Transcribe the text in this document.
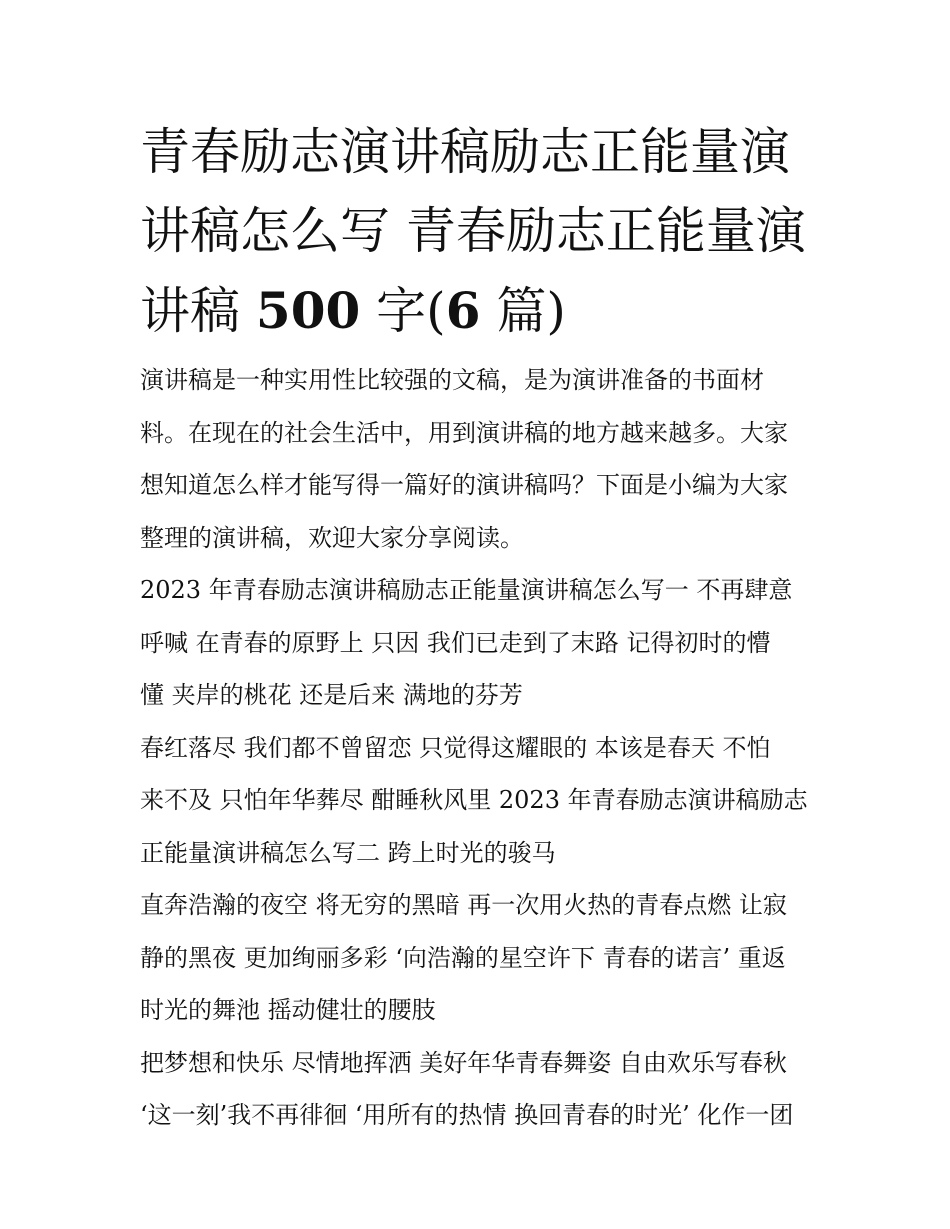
青春励志演讲稿励志正能量演
讲稿怎么写 青春励志正能量演
讲稿 500 字(6 篇)
演讲稿是一种实用性比较强的文稿，是为演讲准备的书面材
料。在现在的社会生活中，用到演讲稿的地方越来越多。大家
想知道怎么样才能写得一篇好的演讲稿吗？下面是小编为大家
整理的演讲稿，欢迎大家分享阅读。
2023 年青春励志演讲稿励志正能量演讲稿怎么写一 不再肆意
呼喊 在青春的原野上 只因 我们已走到了末路 记得初时的懵
懂 夹岸的桃花 还是后来 满地的芬芳
春红落尽 我们都不曾留恋 只觉得这耀眼的 本该是春天 不怕
来不及 只怕年华葬尽 酣睡秋风里 2023 年青春励志演讲稿励志
正能量演讲稿怎么写二 跨上时光的骏马
直奔浩瀚的夜空 将无穷的黑暗 再一次用火热的青春点燃 让寂
静的黑夜 更加绚丽多彩 ‘向浩瀚的星空许下 青春的诺言’ 重返
时光的舞池 摇动健壮的腰肢
把梦想和快乐 尽情地挥洒 美好年华青春舞姿 自由欢乐写春秋
‘这一刻’我不再徘徊 ‘用所有的热情 换回青春的时光’ 化作一团
